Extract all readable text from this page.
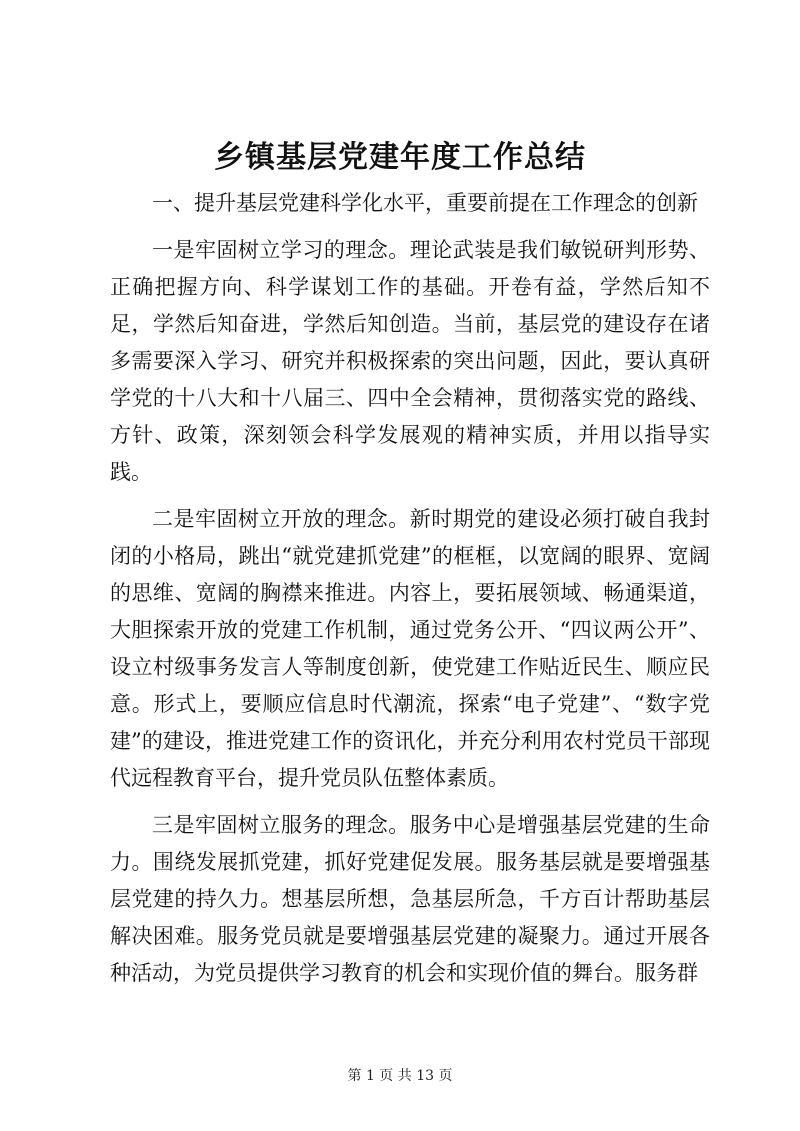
乡镇基层党建年度工作总结

一、提升基层党建科学化水平，重要前提在工作理念的创新

一是牢固树立学习的理念。理论武装是我们敏锐研判形势、正确把握方向、科学谋划工作的基础。开卷有益，学然后知不足，学然后知奋进，学然后知创造。当前，基层党的建设存在诸多需要深入学习、研究并积极探索的突出问题，因此，要认真研学党的十八大和十八届三、四中全会精神，贯彻落实党的路线、方针、政策，深刻领会科学发展观的精神实质，并用以指导实践。

二是牢固树立开放的理念。新时期党的建设必须打破自我封闭的小格局，跳出“就党建抓党建”的框框，以宽阔的眼界、宽阔的思维、宽阔的胸襟来推进。内容上，要拓展领域、畅通渠道，大胆探索开放的党建工作机制，通过党务公开、“四议两公开”、设立村级事务发言人等制度创新，使党建工作贴近民生、顺应民意。形式上，要顺应信息时代潮流，探索“电子党建”、“数字党建”的建设，推进党建工作的资讯化，并充分利用农村党员干部现代远程教育平台，提升党员队伍整体素质。

三是牢固树立服务的理念。服务中心是增强基层党建的生命力。围绕发展抓党建，抓好党建促发展。服务基层就是要增强基层党建的持久力。想基层所想，急基层所急，千方百计帮助基层解决困难。服务党员就是要增强基层党建的凝聚力。通过开展各种活动，为党员提供学习教育的机会和实现价值的舞台。服务群

第 1 页 共 13 页
